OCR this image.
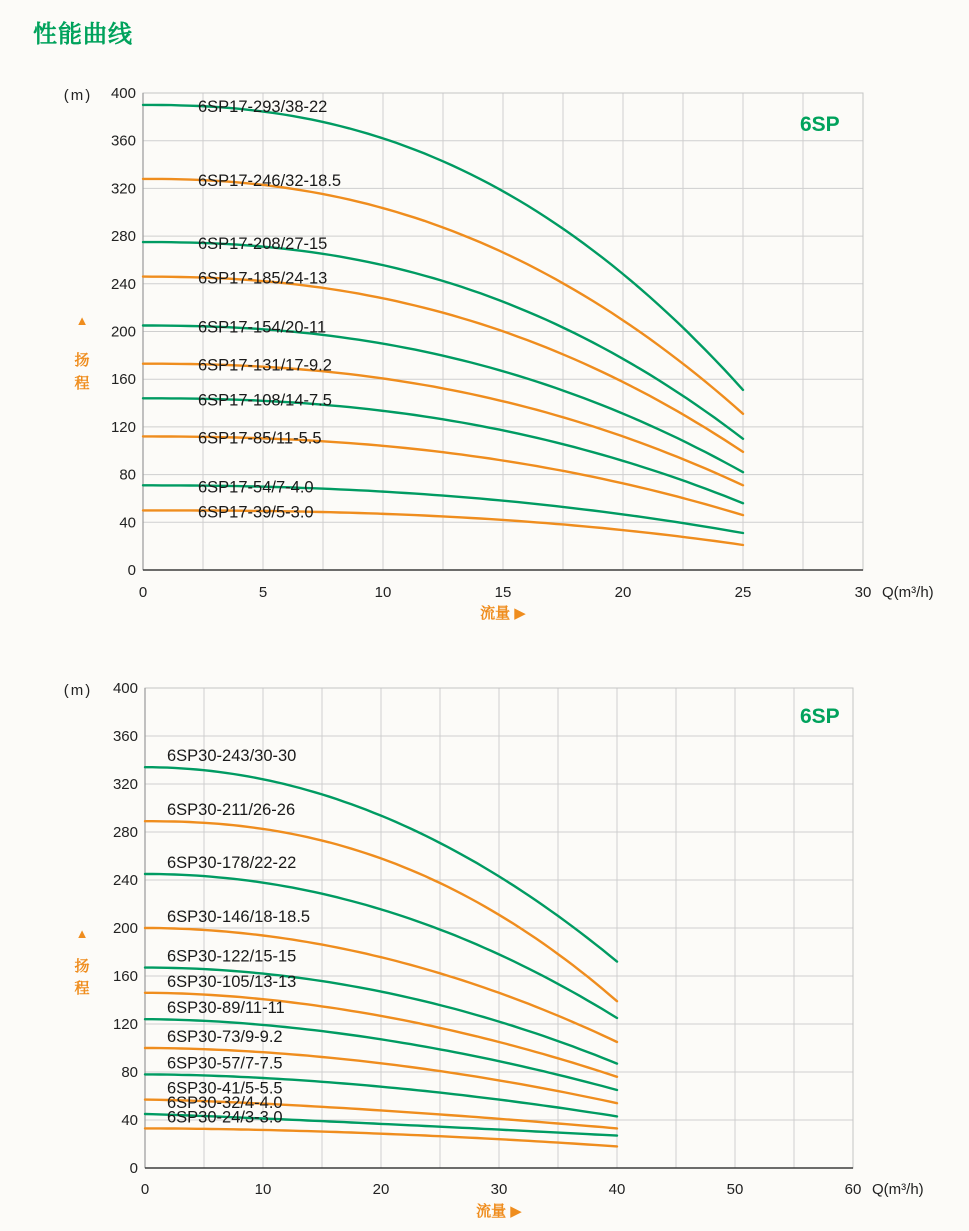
性能曲线
0
40
80
120
160
200
240
280
320
360
400
(m)
▲
扬
程
0	5	10	15	20	25	30 Q(m³/h)
流量 ▶
6SP
6SP17-293/38-22
6SP17-246/32-18.5
6SP17-208/27-15
6SP17-185/24-13
6SP17-154/20-11
6SP17-131/17-9.2
6SP17-108/14-7.5
6SP17-85/11-5.5
6SP17-54/7-4.0
6SP17-39/5-3.0
0
40
80
120
160
200
240
280
320
360
400
(m)
▲
扬
程
0	10	20	30	40	50	60 Q(m³/h)
流量 ▶
6SP
6SP30-243/30-30
6SP30-211/26-26
6SP30-178/22-22
6SP30-146/18-18.5
6SP30-122/15-15
6SP30-105/13-13
6SP30-89/11-11
6SP30-73/9-9.2
6SP30-57/7-7.5
6SP30-41/5-5.5
6SP30-32/4-4.0
6SP30-24/3-3.0
